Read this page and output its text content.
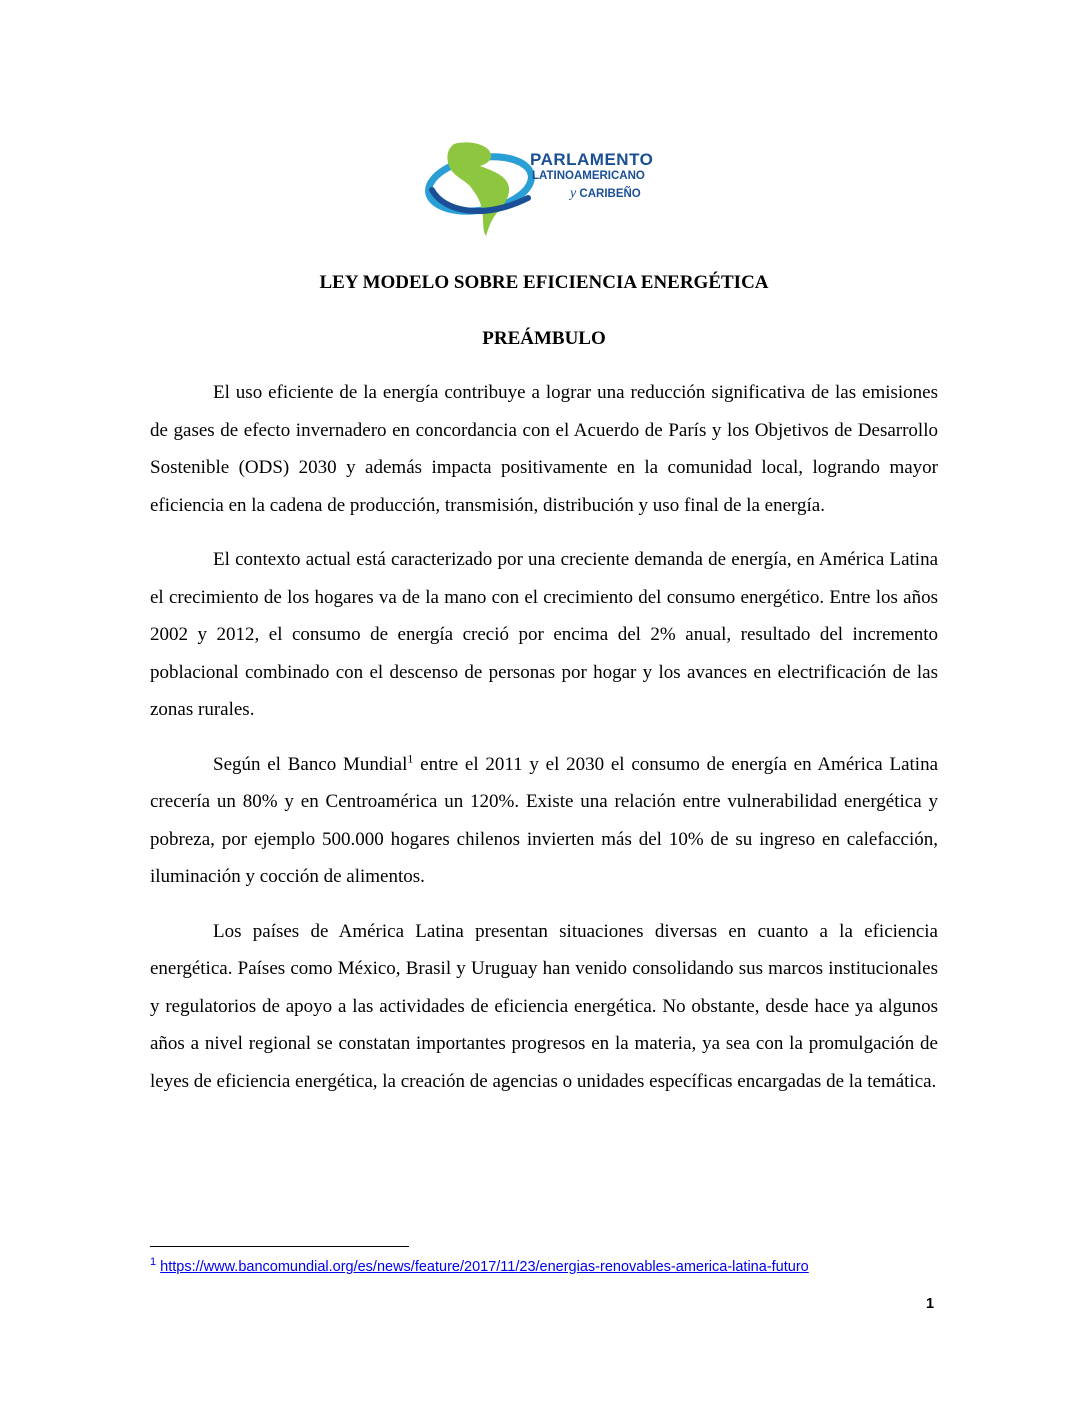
PARLAMENTO
LATINOAMERICANO
y CARIBEÑO
LEY MODELO SOBRE EFICIENCIA ENERGÉTICA
PREÁMBULO

El uso eficiente de la energía contribuye a lograr una reducción significativa de las emisiones de gases de efecto invernadero en concordancia con el Acuerdo de París y los Objetivos de Desarrollo Sostenible (ODS) 2030 y además impacta positivamente en la comunidad local, logrando mayor eficiencia en la cadena de producción, transmisión, distribución y uso final de la energía.

El contexto actual está caracterizado por una creciente demanda de energía, en América Latina el crecimiento de los hogares va de la mano con el crecimiento del consumo energético. Entre los años 2002 y 2012, el consumo de energía creció por encima del 2% anual, resultado del incremento poblacional combinado con el descenso de personas por hogar y los avances en electrificación de las zonas rurales.

Según el Banco Mundial$^1$ entre el 2011 y el 2030 el consumo de energía en América Latina crecería un 80% y en Centroamérica un 120%. Existe una relación entre vulnerabilidad energética y pobreza, por ejemplo 500.000 hogares chilenos invierten más del 10% de su ingreso en calefacción, iluminación y cocción de alimentos.

Los países de América Latina presentan situaciones diversas en cuanto a la eficiencia energética. Países como México, Brasil y Uruguay han venido consolidando sus marcos institucionales y regulatorios de apoyo a las actividades de eficiencia energética. No obstante, desde hace ya algunos años a nivel regional se constatan importantes progresos en la materia, ya sea con la promulgación de leyes de eficiencia energética, la creación de agencias o unidades específicas encargadas de la temática.

$^1$ https://www.bancomundial.org/es/news/feature/2017/11/23/energias-renovables-america-latina-futuro
1
